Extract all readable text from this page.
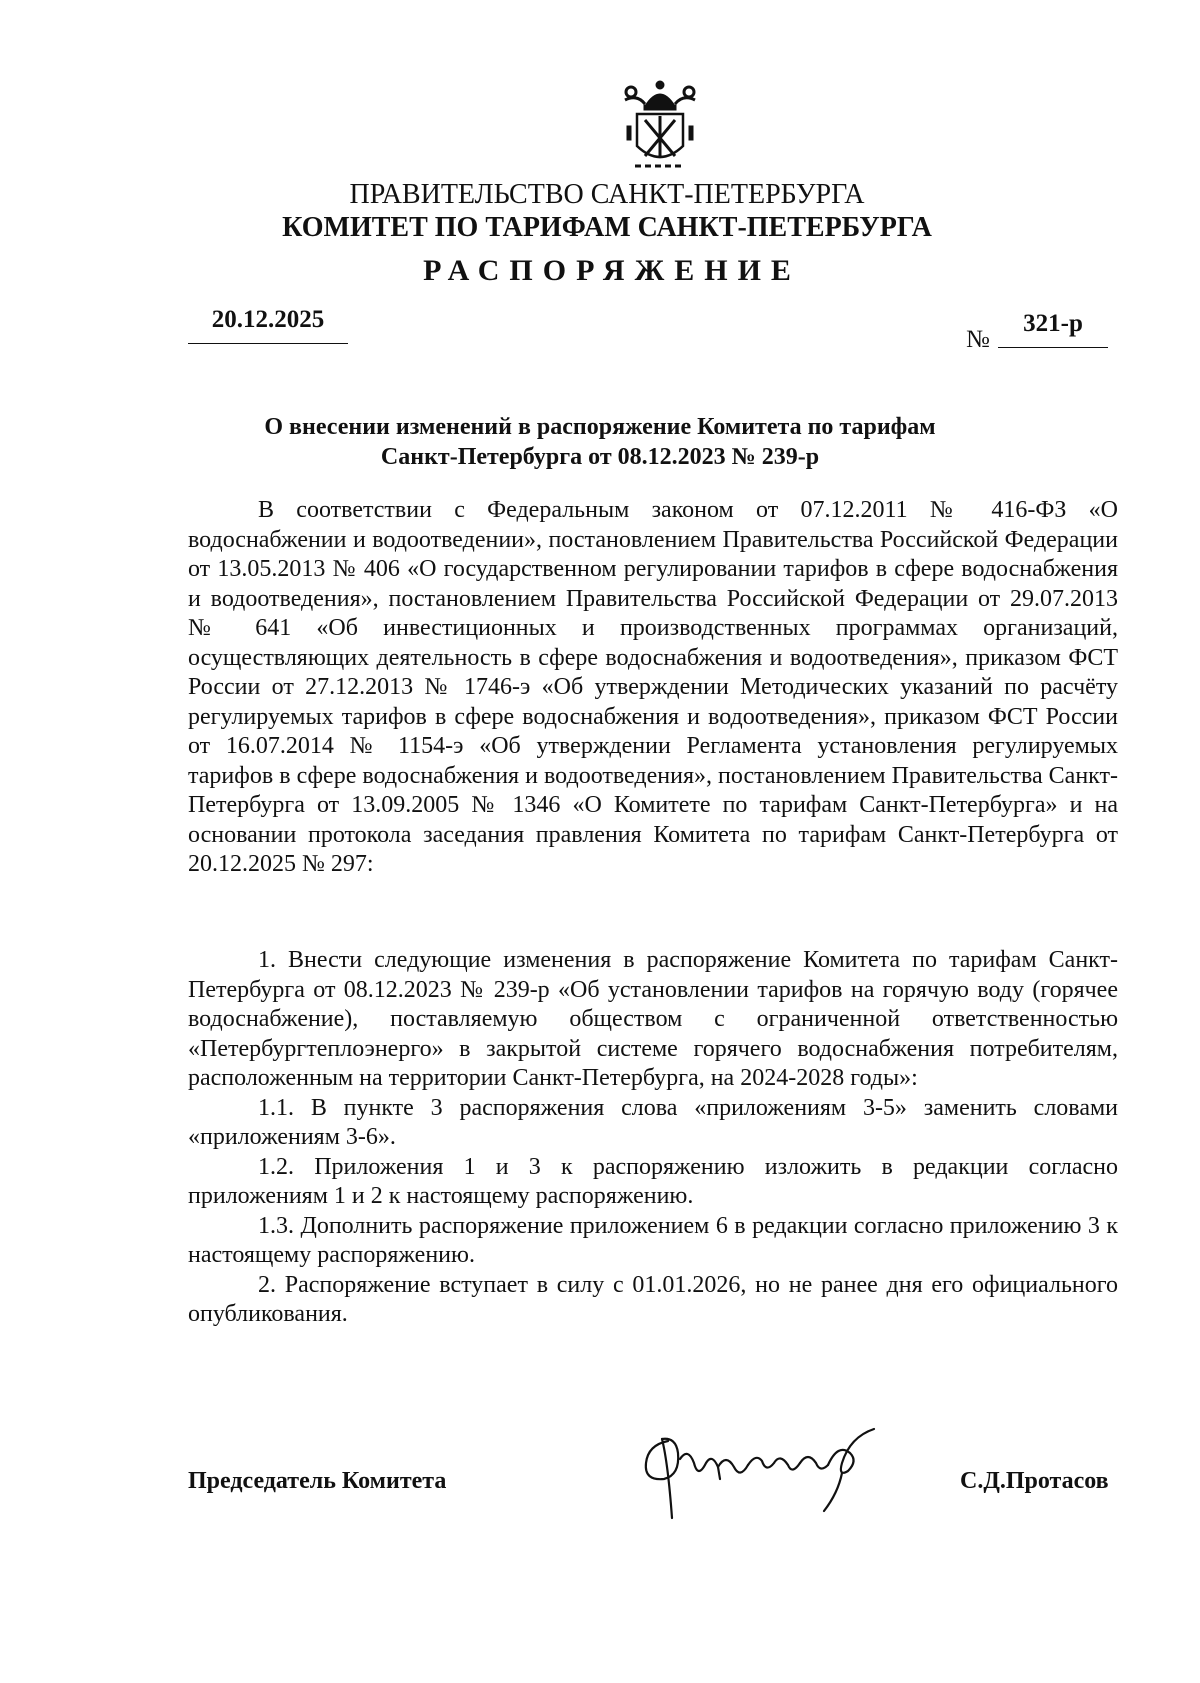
ПРАВИТЕЛЬСТВО САНКТ-ПЕТЕРБУРГА
КОМИТЕТ ПО ТАРИФАМ САНКТ-ПЕТЕРБУРГА
РАСПОРЯЖЕНИЕ
20.12.2025
№
321-р
О внесении изменений в распоряжение Комитета по тарифам
Санкт-Петербурга от 08.12.2023 № 239-р

В соответствии с Федеральным законом от 07.12.2011 № 416-ФЗ «О водоснабжении и водоотведении», постановлением Правительства Российской Федерации от 13.05.2013 № 406 «О государственном регулировании тарифов в сфере водоснабжения и водоотведения», постановлением Правительства Российской Федерации от 29.07.2013 № 641 «Об инвестиционных и производственных программах организаций, осуществляющих деятельность в сфере водоснабжения и водоотведения», приказом ФСТ России от 27.12.2013 № 1746-э «Об утверждении Методических указаний по расчёту регулируемых тарифов в сфере водоснабжения и водоотведения», приказом ФСТ России от 16.07.2014 № 1154-э «Об утверждении Регламента установления регулируемых тарифов в сфере водоснабжения и водоотведения», постановлением Правительства Санкт-Петербурга от 13.09.2005 № 1346 «О Комитете по тарифам Санкт-Петербурга» и на основании протокола заседания правления Комитета по тарифам Санкт-Петербурга от 20.12.2025 № 297:

1. Внести следующие изменения в распоряжение Комитета по тарифам Санкт-Петербурга от 08.12.2023 № 239-р «Об установлении тарифов на горячую воду (горячее водоснабжение), поставляемую обществом с ограниченной ответственностью «Петербургтеплоэнерго» в закрытой системе горячего водоснабжения потребителям, расположенным на территории Санкт-Петербурга, на 2024-2028 годы»:

1.1. В пункте 3 распоряжения слова «приложениям 3-5» заменить словами «приложениям 3-6».

1.2. Приложения 1 и 3 к распоряжению изложить в редакции согласно приложениям 1 и 2 к настоящему распоряжению.

1.3. Дополнить распоряжение приложением 6 в редакции согласно приложению 3 к настоящему распоряжению.

2. Распоряжение вступает в силу с 01.01.2026, но не ранее дня его официального опубликования.

Председатель Комитета	С.Д.Протасов
